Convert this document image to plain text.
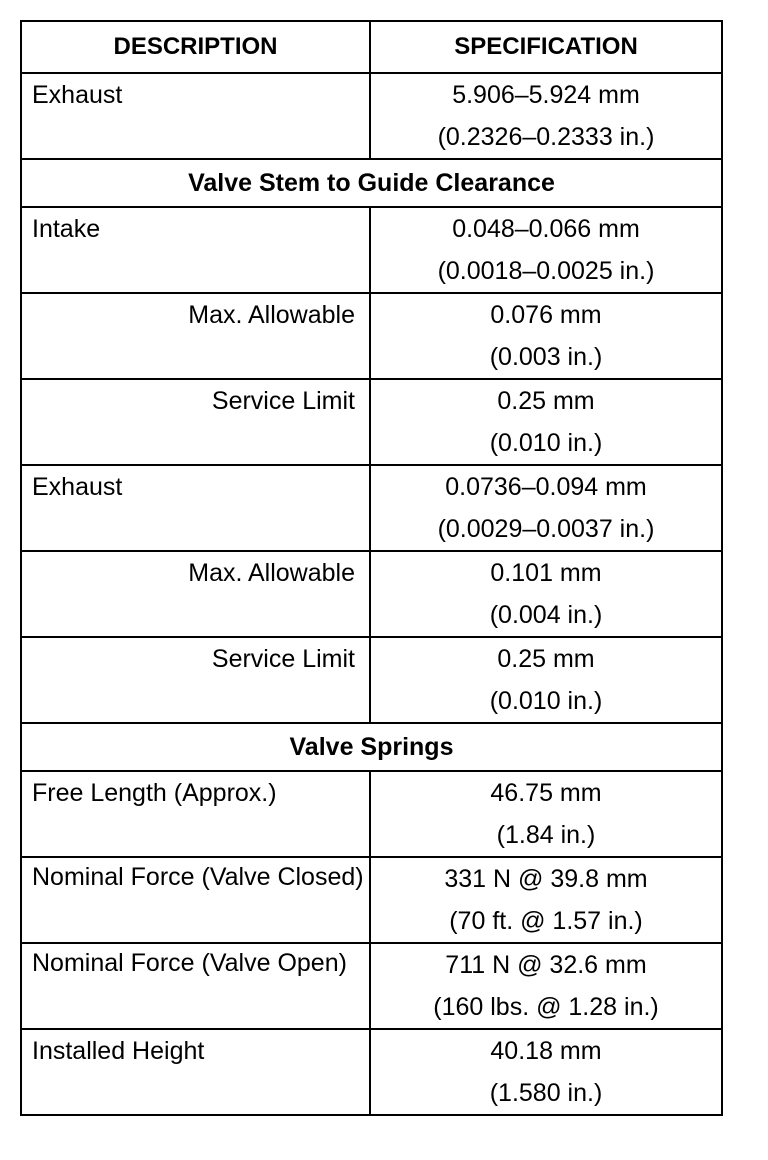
DESCRIPTION	SPECIFICATION
Exhaust	5.906–5.924 mm
(0.2326–0.2333 in.)

Valve Stem to Guide Clearance	
Intake	0.048–0.066 mm
(0.0018–0.0025 in.)

Max. Allowable	0.076 mm
(0.003 in.)

Service Limit	0.25 mm
(0.010 in.)

Exhaust	0.0736–0.094 mm
(0.0029–0.0037 in.)

Max. Allowable	0.101 mm
(0.004 in.)

Service Limit	0.25 mm
(0.010 in.)

Valve Springs	
Free Length (Approx.)	46.75 mm
(1.84 in.)

Nominal Force (Valve Closed)	331 N @ 39.8 mm
(70 ft. @ 1.57 in.)

Nominal Force (Valve Open)	711 N @ 32.6 mm
(160 lbs. @ 1.28 in.)

Installed Height	40.18 mm
(1.580 in.)
